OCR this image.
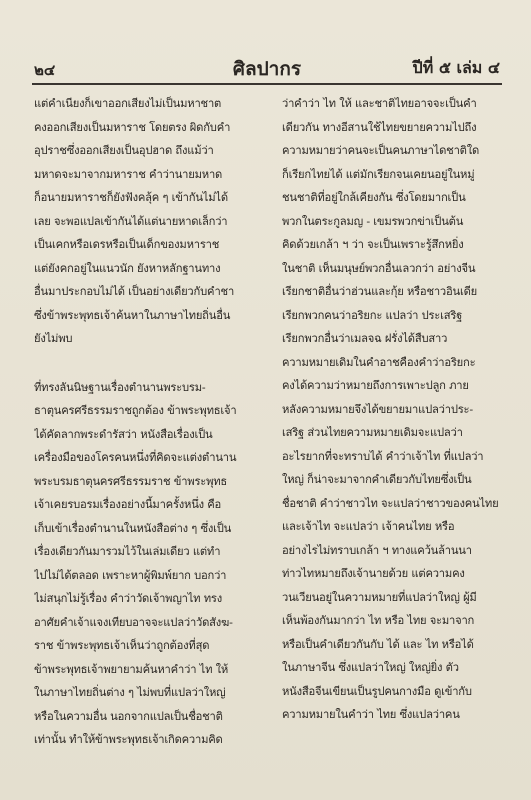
๒๔	ศิลปากร	ปีที่ ๕ เล่ม ๔
แต่คำเนียงก็เขาออกเสียงไม่เป็นมหาชาต
คงออกเสียงเป็นมหาราช โดยตรง ผิดกับคำ
อุปราชซึ่งออกเสียงเป็นอุปฮาด ถึงแม้ว่า
มหาดจะมาจากมหาราช คำว่านายมหาด
ก็อนายมหาราชก็ยังฟังคลุ้ค ๆ เข้ากันไม่ได้
เลย จะพอแปลเข้ากันได้แต่นายหาดเล็กว่า
เป็นเคกหรือเดรหรือเป็นเด็กของมหาราช
แต่ยังคกอยู่ในแนวนัก ยังหาหลักฐานทาง
อื่นมาประกอบไม่ได้ เป็นอย่างเดียวกับคำชา
ซึ่งข้าพระพุทธเจ้าค้นหาในภาษาไทยถิ่นอื่น
ยังไม่พบ
ที่ทรงลันนิษฐานเรื่องตำนานพระบรม-
ธาตุนครศรีธรรมราชถูกต้อง ข้าพระพุทธเจ้า
ได้คัดลากพระดำรัสว่า หนังสือเรื่องเป็น
เครื่องมือของโครคนหนึ่งที่คิดจะแต่งตำนาน
พระบรมธาตุนครศรีธรรมราช ข้าพระพุทธ
เจ้าเคยรบอรมเรื่องอย่างนี้มาครั้งหนึ่ง คือ
เก็บเข้าเรื่องตำนานในหนังสือต่าง ๆ ซึ่งเป็น
เรื่องเดียวกันมารวมไว้ในเล่มเดียว แต่ทำ
ไปไม่ได้ตลอด เพราะหาผู้พิมพ์ยาก บอกว่า
ไม่สนุกไม่รู้เรื่อง คำว่าวัดเจ้าพญาไท ทรง
อาศัยคำเจ้าแจงเทียบอาจจะแปลว่าวัดสังฆ-
ราช ข้าพระพุทธเจ้าเห็นว่าถูกต้องที่สุด
ข้าพระพุทธเจ้าพยายามค้นหาคำว่า ไท ให้
ในภาษาไทยถิ่นต่าง ๆ ไม่พบที่แปลว่าใหญ่
หรือในความอื่น นอกจากแปลเป็นชื่อชาติ
เท่านั้น ทำให้ข้าพระพุทธเจ้าเกิดความคิด
ว่าคำว่า ไท ให้ และชาติไทยอาจจะเป็นคำ
เดียวกัน ทางอีสานใช้ไทยขยายความไปถึง
ความหมายว่าคนจะเป็นคนภาษาไดชาติใด
ก็เรียกไทยได้ แต่มักเรียกจนเคยนอยู่ในหมู่
ชนชาติที่อยู่ใกล้เคียงกัน ซึ่งโดยมากเป็น
พวกในตระกูลมญ - เขมรพวกข่าเป็นต้น
คิดด้วยเกล้า ฯ ว่า จะเป็นเพราะรู้สึกหยิ่ง
ในชาติ เห็นมนุษย์พวกอื่นเลวกว่า อย่างจีน
เรียกชาติอื่นว่าฮ่วนและกุ้ย หรือชาวอินเดีย
เรียกพวกคนว่าอริยกะ แปลว่า ประเสริฐ
เรียกพวกอื่นว่าเมลจฉ ฝรั่งได้สืบสาว
ความหมายเดิมในคำอาชคืองคำว่าอริยกะ
คงได้ความว่าหมายถึงการเพาะปลูก ภาย
หลังความหมายจึงได้ขยายมาแปลว่าประ-
เสริฐ ส่วนไทยความหมายเดิมจะแปลว่า
อะไรยากที่จะทราบได้ คำว่าเจ้าไท ที่แปลว่า
ใหญ่ ก็น่าจะมาจากคำเดียวกับไทยซึ่งเป็น
ชื่อชาติ คำว่าชาวไท จะแปลว่าชาวของคนไทย
และเจ้าไท จะแปลว่า เจ้าคนไทย หรือ
อย่างไรไม่ทราบเกล้า ฯ ทางแคว้นล้านนา
ท่าวไทหมายถึงเจ้านายด้วย แต่ความคง
วนเวียนอยู่ในความหมายที่แปลว่าใหญ่ ผู้มี
เห็นพ้องกันมากว่า ไท หรือ ไทย จะมาจาก
หรือเป็นคำเดียวกันกับ ได้ และ ไท หรือได้
ในภาษาจีน ซึ่งแปลว่าใหญ่ ใหญ่ยิ่ง ตัว
หนังสือจีนเขียนเป็นรูปคนกางมือ ดูเข้ากับ
ความหมายในคำว่า ไทย ซึ่งแปลว่าคน
